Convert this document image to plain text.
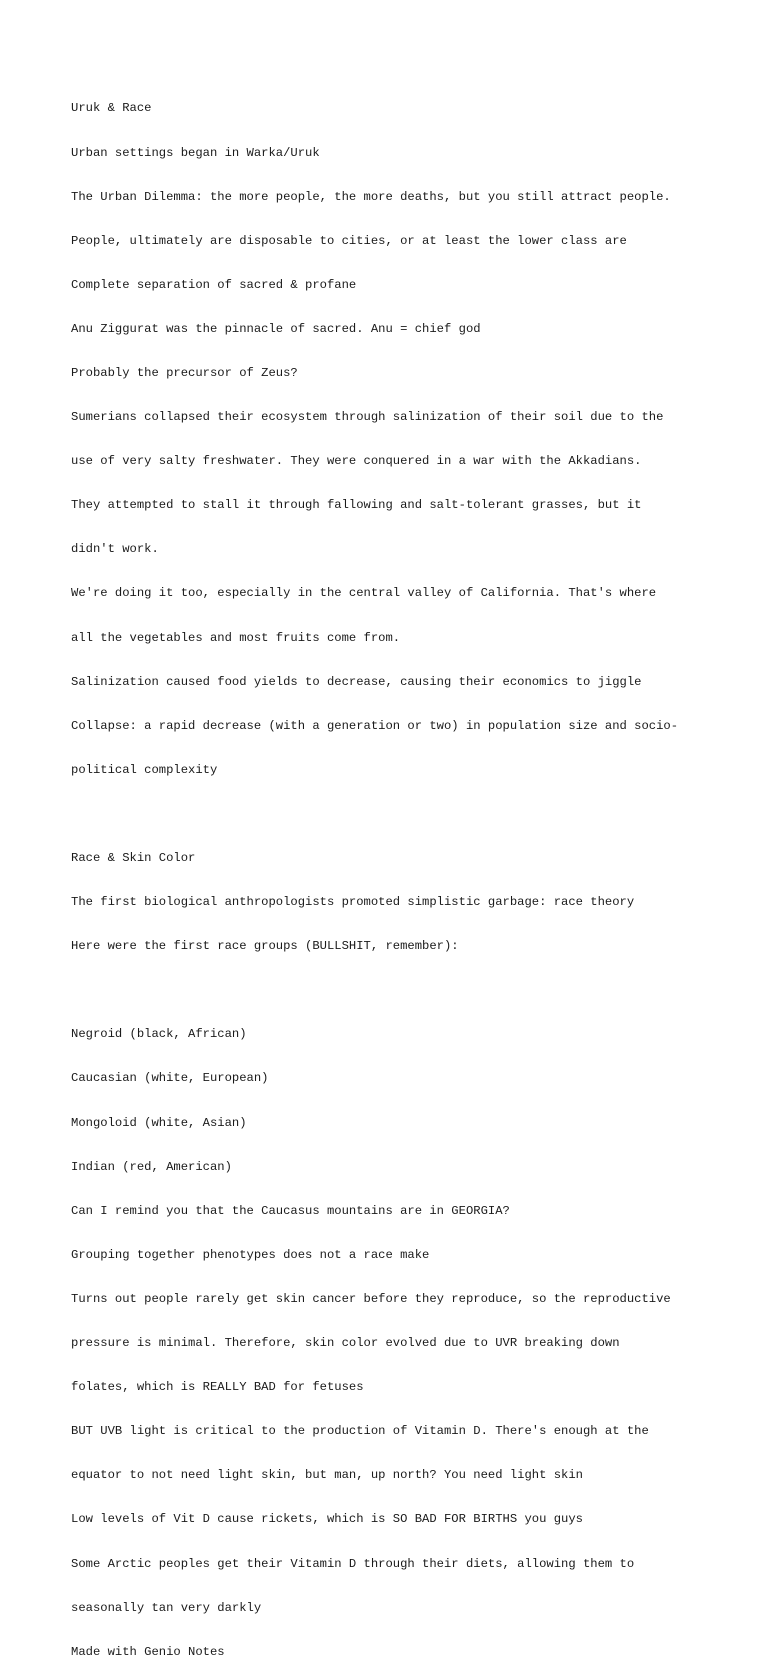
Uruk & Race

Urban settings began in Warka/Uruk

The Urban Dilemma: the more people, the more deaths, but you still attract people.

People, ultimately are disposable to cities, or at least the lower class are

Complete separation of sacred & profane

Anu Ziggurat was the pinnacle of sacred. Anu = chief god

Probably the precursor of Zeus?

Sumerians collapsed their ecosystem through salinization of their soil due to the

use of very salty freshwater. They were conquered in a war with the Akkadians.

They attempted to stall it through fallowing and salt-tolerant grasses, but it

didn't work.

We're doing it too, especially in the central valley of California. That's where

all the vegetables and most fruits come from.

Salinization caused food yields to decrease, causing their economics to jiggle

Collapse: a rapid decrease (with a generation or two) in population size and socio-

political complexity

Race & Skin Color

The first biological anthropologists promoted simplistic garbage: race theory

Here were the first race groups (BULLSHIT, remember):

Negroid (black, African)

Caucasian (white, European)

Mongoloid (white, Asian)

Indian (red, American)

Can I remind you that the Caucasus mountains are in GEORGIA?

Grouping together phenotypes does not a race make

Turns out people rarely get skin cancer before they reproduce, so the reproductive

pressure is minimal. Therefore, skin color evolved due to UVR breaking down

folates, which is REALLY BAD for fetuses

BUT UVB light is critical to the production of Vitamin D. There's enough at the

equator to not need light skin, but man, up north? You need light skin

Low levels of Vit D cause rickets, which is SO BAD FOR BIRTHS you guys

Some Arctic peoples get their Vitamin D through their diets, allowing them to

seasonally tan very darkly

Made with Genio Notes
